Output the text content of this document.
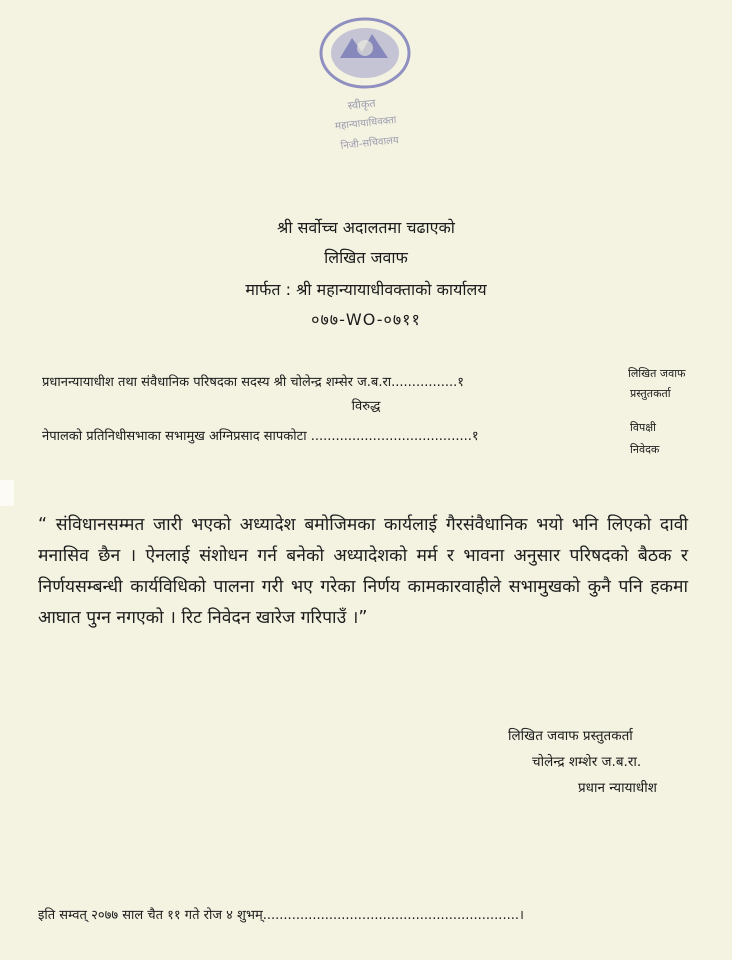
स्वीकृत
महान्यायाधिवक्ता
निजी-सचिवालय
श्री सर्वोच्च अदालतमा चढाएको
लिखित जवाफ
मार्फत : श्री महान्यायाधीवक्ताको कार्यालय
०७७-WO-०७११
प्रधानन्यायाधीश तथा संवैधानिक परिषदका सदस्य श्री चोलेन्द्र शम्सेर ज.ब.रा................१
लिखित जवाफ
प्रस्तुतकर्ता
विरुद्ध
नेपालको प्रतिनिधीसभाका सभामुख अग्निप्रसाद सापकोटा .......................................१
विपक्षी
निवेदक
“ संविधानसम्मत जारी भएको अध्यादेश बमोजिमका कार्यलाई गैरसंवैधानिक भयो भनि लिएको दावी मनासिव छैन । ऐनलाई संशोधन गर्न बनेको अध्यादेशको मर्म र भावना अनुसार परिषदको बैठक र निर्णयसम्बन्धी कार्यविधिको पालना गरी भए गरेका निर्णय कामकारवाहीले सभामुखको कुनै पनि हकमा आघात पुग्न नगएको । रिट निवेदन खारेज गरिपाउँ ।”
लिखित जवाफ प्रस्तुतकर्ता
चोलेन्द्र शम्शेर ज.ब.रा.
प्रधान न्यायाधीश
इति सम्वत् २०७७ साल चैत ११ गते रोज ४ शुभम्..............................................................।
